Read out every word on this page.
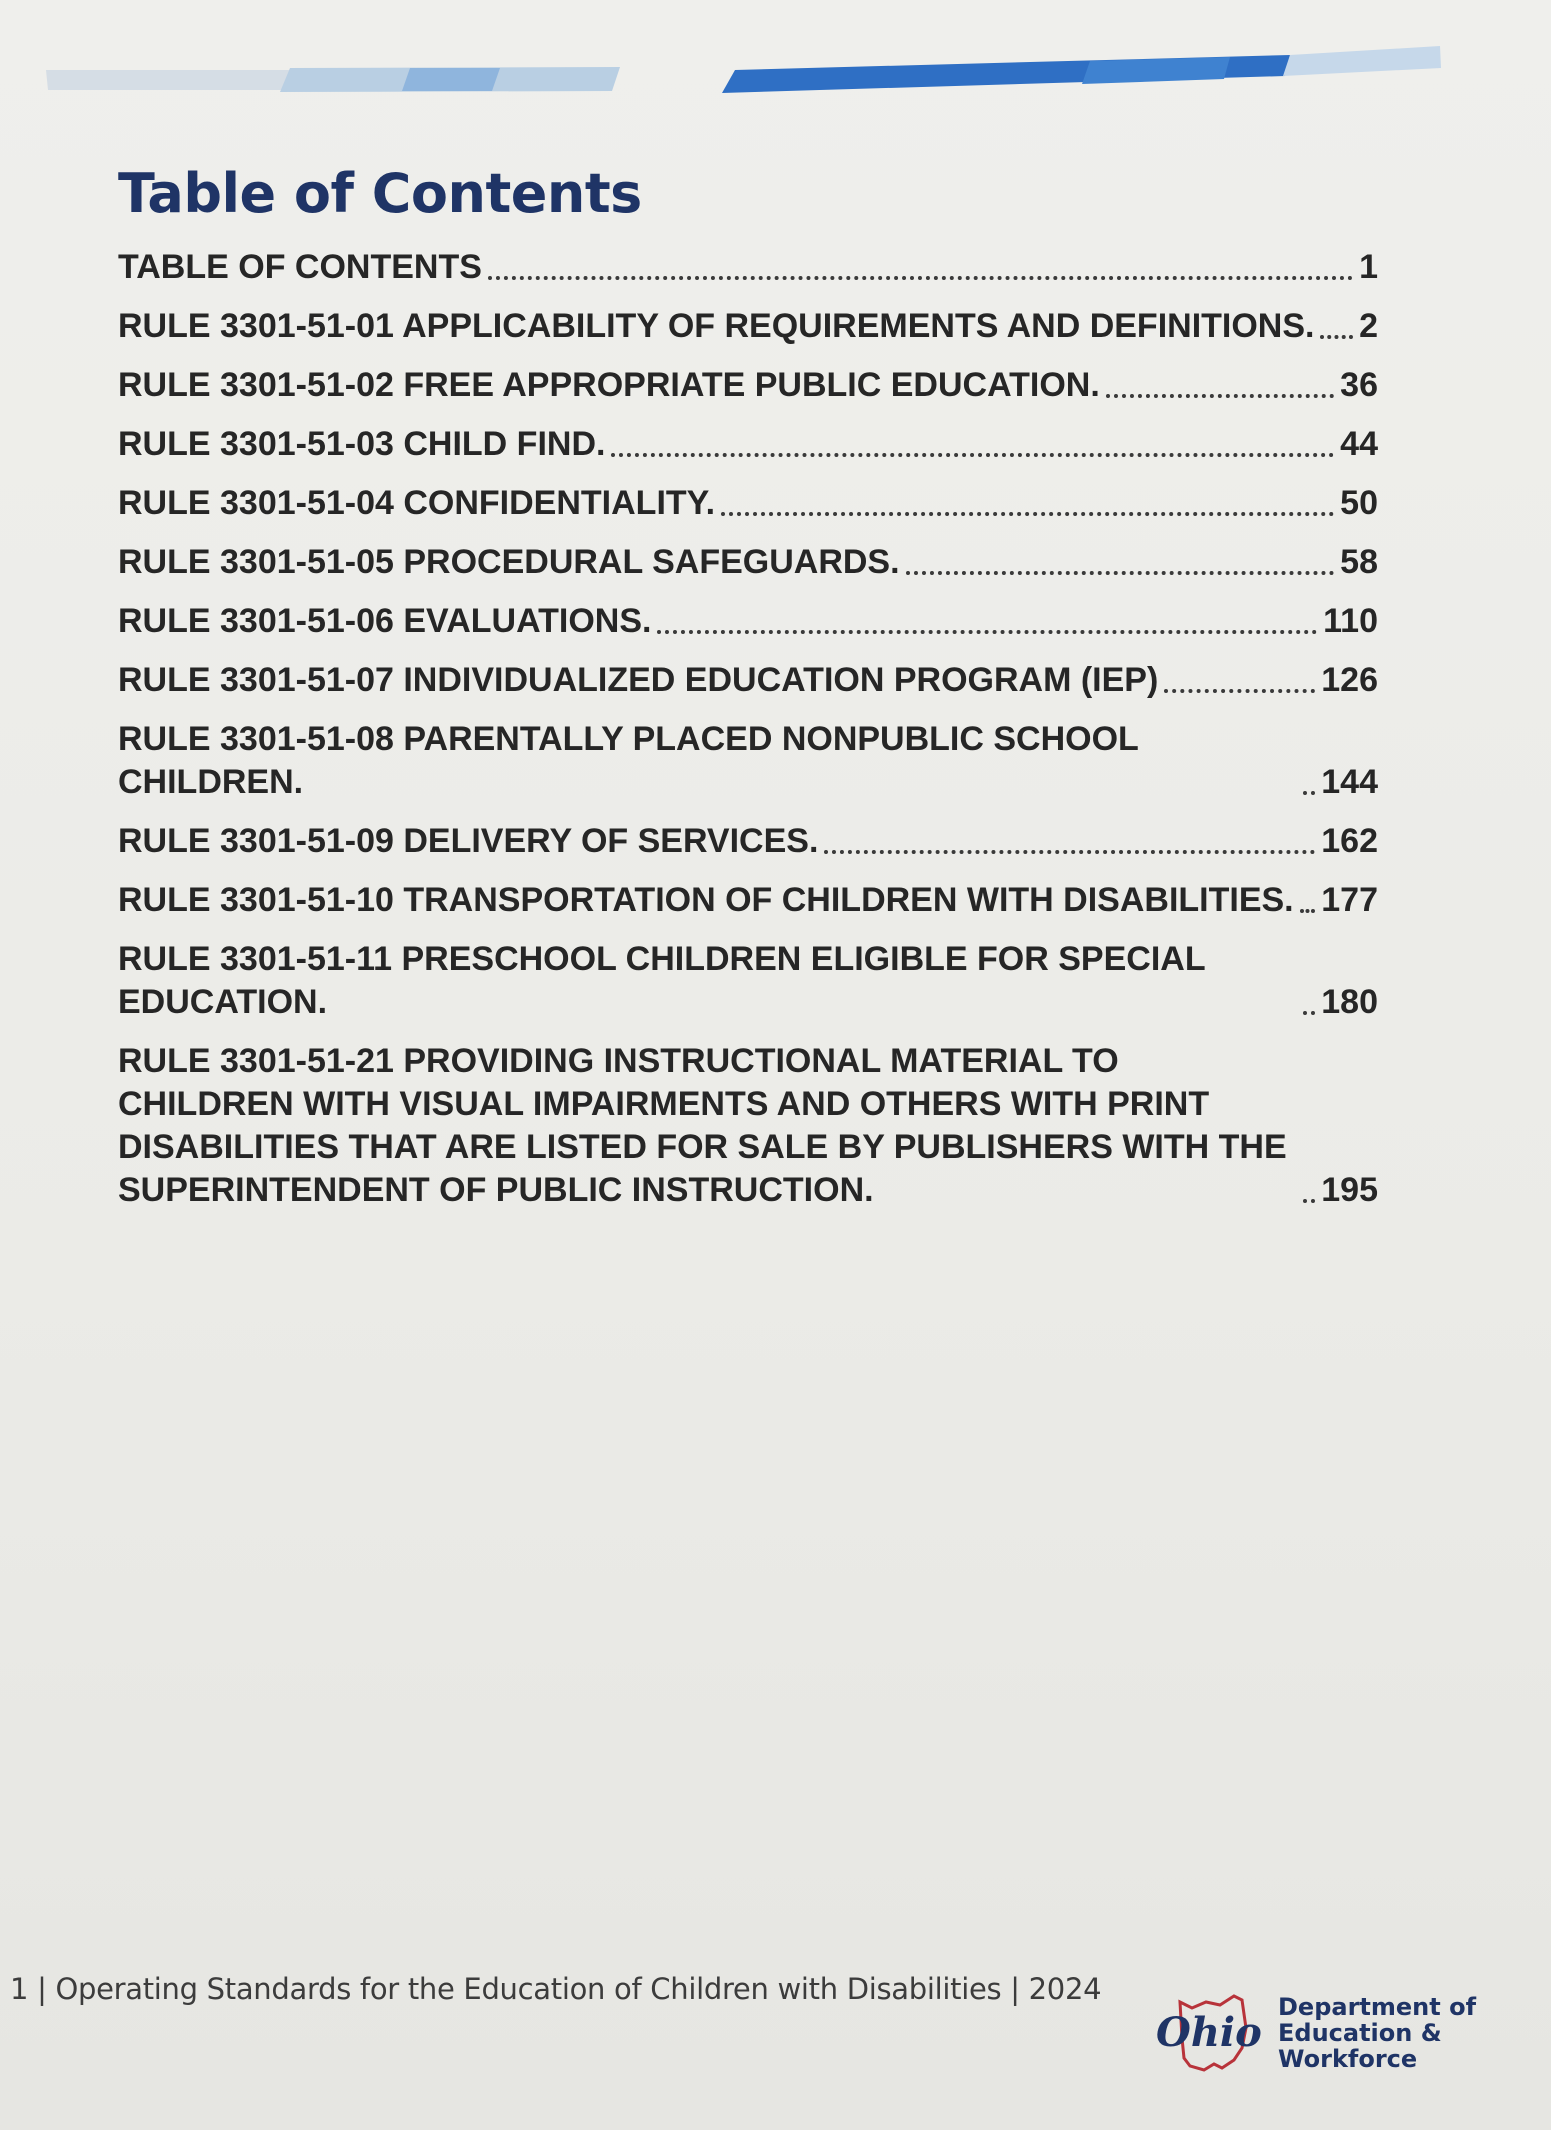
Table of Contents
TABLE OF CONTENTS	1
RULE 3301-51-01 APPLICABILITY OF REQUIREMENTS AND DEFINITIONS. 2
RULE 3301-51-02 FREE APPROPRIATE PUBLIC EDUCATION.	36
RULE 3301-51-03 CHILD FIND.	44
RULE 3301-51-04 CONFIDENTIALITY.	50
RULE 3301-51-05 PROCEDURAL SAFEGUARDS.	58
RULE 3301-51-06 EVALUATIONS.	110
RULE 3301-51-07 INDIVIDUALIZED EDUCATION PROGRAM (IEP)	126
RULE 3301-51-08 PARENTALLY PLACED NONPUBLIC SCHOOL CHILDREN.	144
RULE 3301-51-09 DELIVERY OF SERVICES.	162
RULE 3301-51-10 TRANSPORTATION OF CHILDREN WITH DISABILITIES. 177
RULE 3301-51-11 PRESCHOOL CHILDREN ELIGIBLE FOR SPECIAL EDUCATION.	180
RULE 3301-51-21 PROVIDING INSTRUCTIONAL MATERIAL TO CHILDREN WITH VISUAL IMPAIRMENTS AND OTHERS WITH PRINT DISABILITIES THAT ARE LISTED FOR SALE BY PUBLISHERS WITH THE SUPERINTENDENT OF PUBLIC INSTRUCTION.	195
1 | Operating Standards for the Education of Children with Disabilities | 2024
Ohio
Department of
Education &
Workforce
